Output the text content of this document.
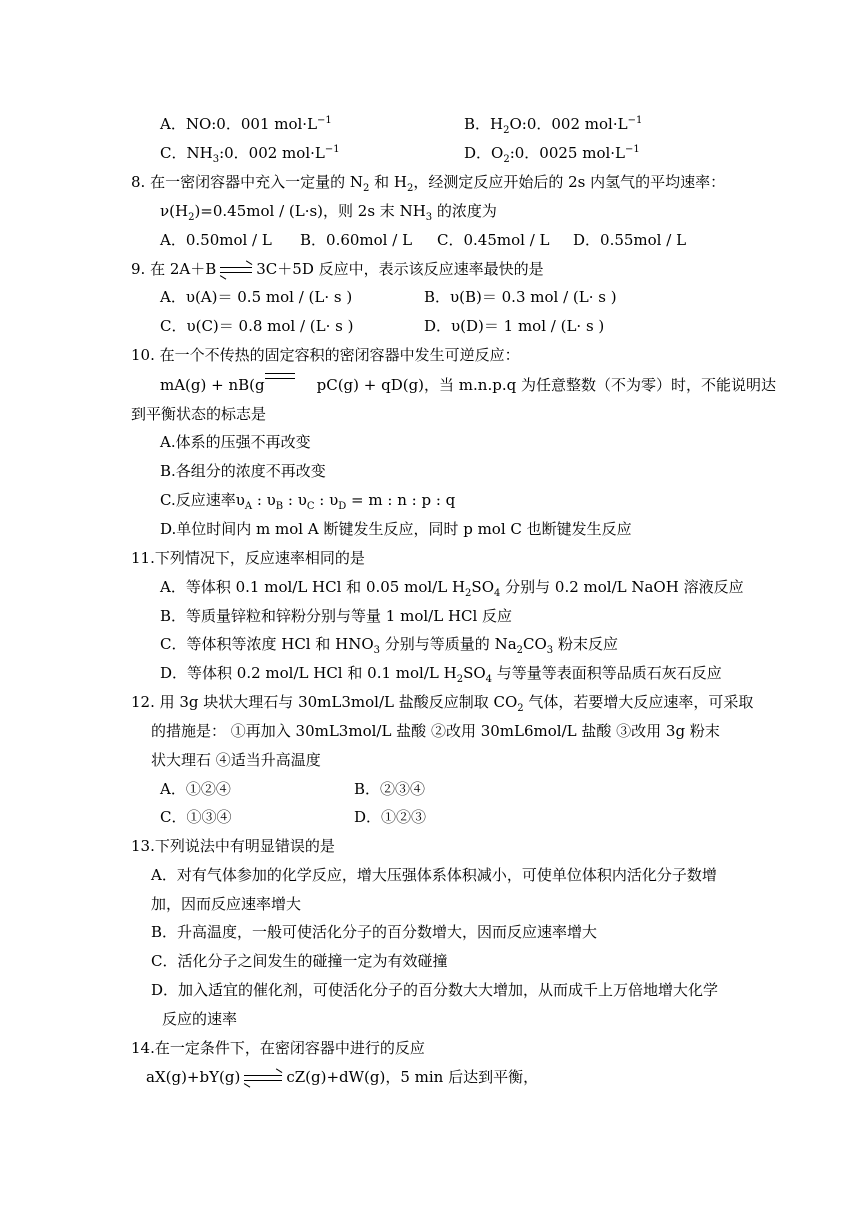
A．NO:0．001 $mol\cdot L^{-1}$	B．$H_2O:0$．002 $mol\cdot L^{-1}$
C．$NH_3:0$．002 $mol\cdot L^{-1}$	D．$O_2:0$．0025 $mol\cdot L^{-1}$
8. 在一密闭容器中充入一定量的 $N_2$ 和 $H_2$，经测定反应开始后的 2s 内氢气的平均速率：
$\nu(H_2)=0.45mol / (L\cdot s)$，则 2s 末 $NH_3$ 的浓度为
A．0.50mol / L B．0.60mol / L C．0.45mol / L D．0.55mol / L
9. 在 2A＋B	3C＋5D 反应中，表示该反应速率最快的是
A．υ(A)＝ 0.5 mol / (L· s )	B．υ(B)＝ 0.3 mol / (L· s )
C．υ(C)＝ 0.8 mol / (L· s )	D．υ(D)＝ 1 mol / (L· s )
10. 在一个不传热的固定容积的密闭容器中发生可逆反应：
mA(g) + nB(g	pC(g) + qD(g)，当 m.n.p.q 为任意整数（不为零）时，不能说明达
到平衡状态的标志是
A.体系的压强不再改变
B.各组分的浓度不再改变
C.反应速率$\upsilon_A$ : $\upsilon_B$ : $\upsilon_C$ : $\upsilon_D = m$ : n : p : q
D.单位时间内 m mol A 断键发生反应，同时 p mol C 也断键发生反应
11.下列情况下，反应速率相同的是
A．等体积 0.1 mol/L HCl 和 0.05 mol/L $H_2SO_4$ 分别与 0.2 mol/L NaOH 溶液反应
B．等质量锌粒和锌粉分别与等量 1 mol/L HCl 反应
C．等体积等浓度 HCl 和 $HNO_3$ 分别与等质量的 $Na_2CO_3$ 粉末反应
D．等体积 0.2 mol/L HCl 和 0.1 mol/L $H_2SO_4$ 与等量等表面积等品质石灰石反应
12. 用 3g 块状大理石与 30mL3mol/L 盐酸反应制取 $CO_2$ 气体，若要增大反应速率，可采取
的措施是： ①再加入 30mL3mol/L 盐酸 ②改用 30mL6mol/L 盐酸 ③改用 3g 粉末
状大理石 ④适当升高温度
A．①②④	B．②③④
C．①③④	D．①②③
13.下列说法中有明显错误的是
A．对有气体参加的化学反应，增大压强体系体积减小，可使单位体积内活化分子数增
加，因而反应速率增大
B．升高温度，一般可使活化分子的百分数增大，因而反应速率增大
C．活化分子之间发生的碰撞一定为有效碰撞
D．加入适宜的催化剂，可使活化分子的百分数大大增加，从而成千上万倍地增大化学
反应的速率
14.在一定条件下，在密闭容器中进行的反应
aX(g)+bY(g)	cZ(g)+dW(g)，5 min 后达到平衡，
